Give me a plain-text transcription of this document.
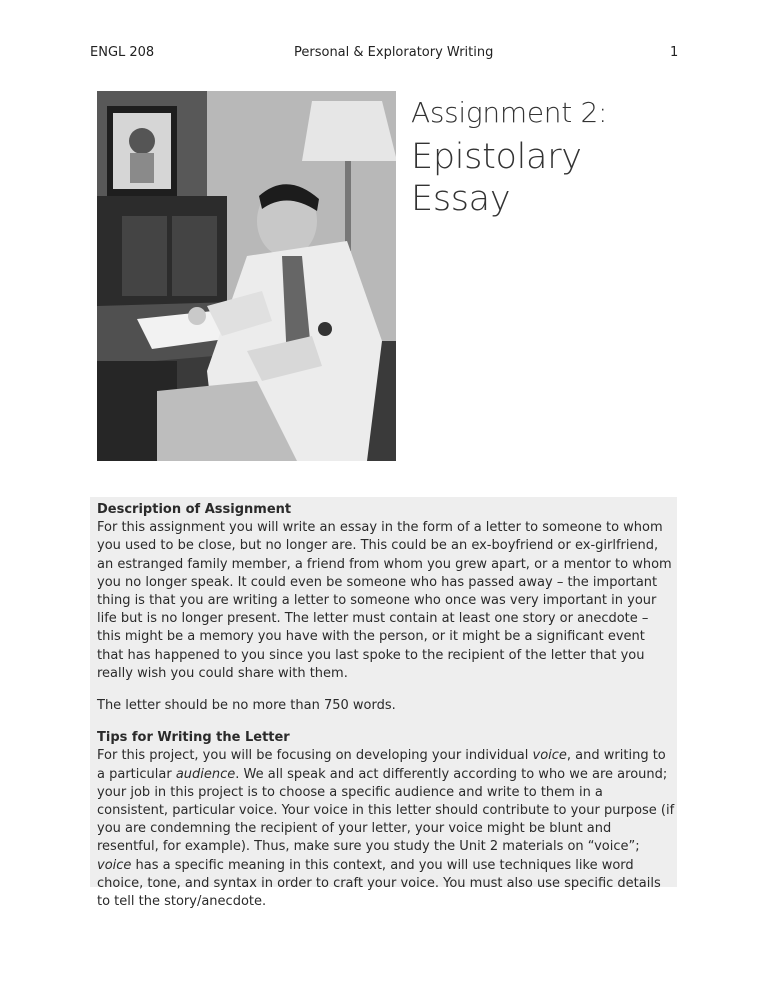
ENGL 208	Personal & Exploratory Writing	1
Assignment 2:
Epistolary
Essay
Description of Assignment

For this assignment you will write an essay in the form of a letter to someone to whom you used to be close, but no longer are. This could be an ex-boyfriend or ex-girlfriend, an estranged family member, a friend from whom you grew apart, or a mentor to whom you no longer speak. It could even be someone who has passed away – the important thing is that you are writing a letter to someone who once was very important in your life but is no longer present. The letter must contain at least one story or anecdote – this might be a memory you have with the person, or it might be a significant event that has happened to you since you last spoke to the recipient of the letter that you really wish you could share with them.

The letter should be no more than 750 words.

Tips for Writing the Letter

For this project, you will be focusing on developing your individual voice, and writing to a particular audience. We all speak and act differently according to who we are around; your job in this project is to choose a specific audience and write to them in a consistent, particular voice. Your voice in this letter should contribute to your purpose (if you are condemning the recipient of your letter, your voice might be blunt and resentful, for example). Thus, make sure you study the Unit 2 materials on “voice”; voice has a specific meaning in this context, and you will use techniques like word choice, tone, and syntax in order to craft your voice. You must also use specific details to tell the story/anecdote.
